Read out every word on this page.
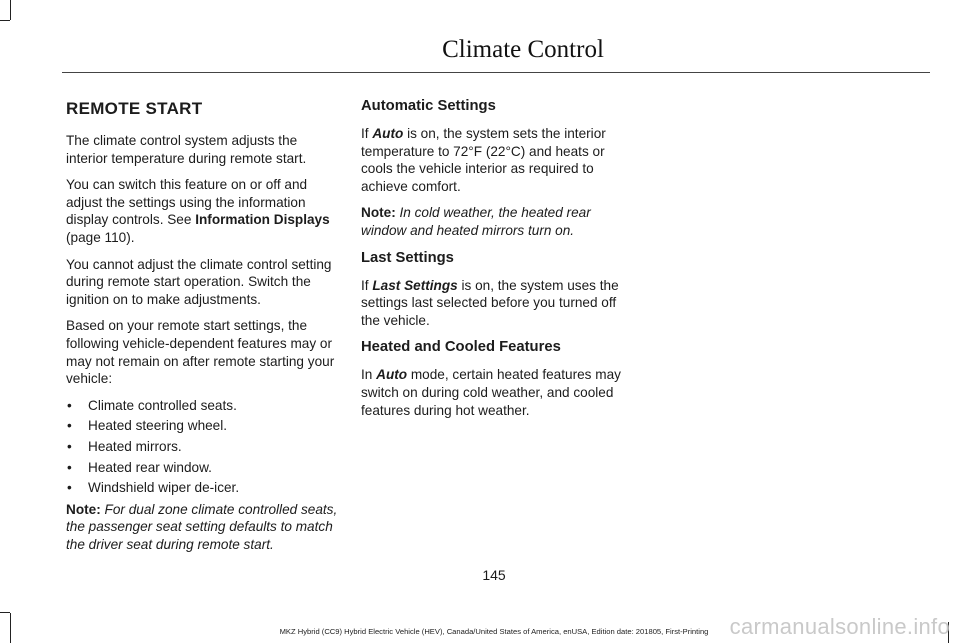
Climate Control
REMOTE START

The climate control system adjusts the interior temperature during remote start.

You can switch this feature on or off and adjust the settings using the information display controls. See Information Displays (page 110).

You cannot adjust the climate control setting during remote start operation. Switch the ignition on to make adjustments.

Based on your remote start settings, the following vehicle-dependent features may or may not remain on after remote starting your vehicle:

• Climate controlled seats.
• Heated steering wheel.
• Heated mirrors.
• Heated rear window.
• Windshield wiper de-icer.

Note: For dual zone climate controlled seats, the passenger seat setting defaults to match the driver seat during remote start.

Automatic Settings

If Auto is on, the system sets the interior temperature to 72°F (22°C) and heats or cools the vehicle interior as required to achieve comfort.

Note: In cold weather, the heated rear window and heated mirrors turn on.

Last Settings

If Last Settings is on, the system uses the settings last selected before you turned off the vehicle.

Heated and Cooled Features

In Auto mode, certain heated features may switch on during cold weather, and cooled features during hot weather.

145
MKZ Hybrid (CC9) Hybrid Electric Vehicle (HEV), Canada/United States of America, enUSA, Edition date: 201805, First-Printing carmanualsonline.info
